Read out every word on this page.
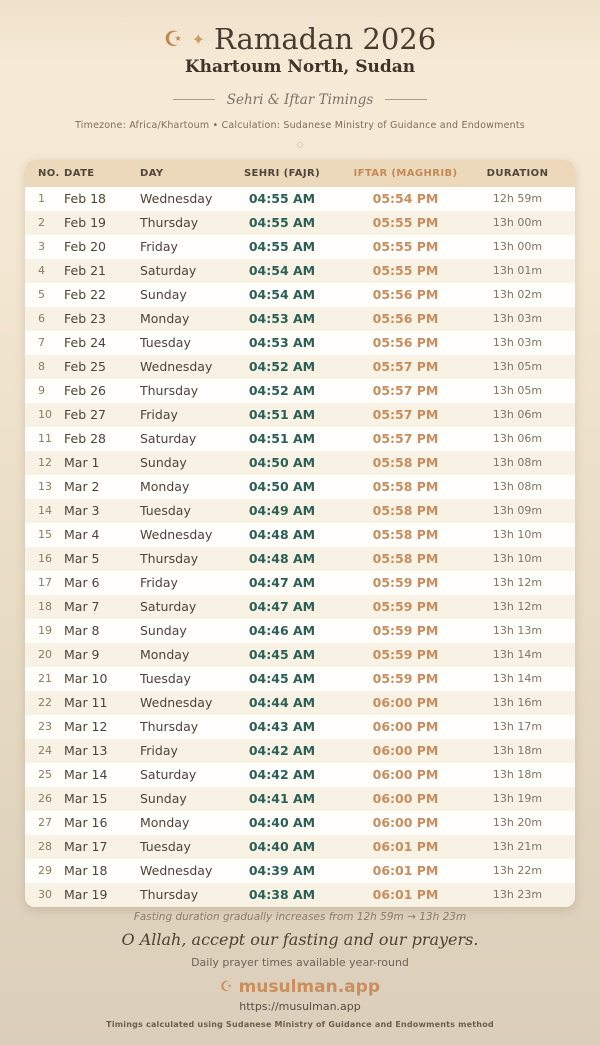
☪ ✦ Ramadan 2026
Khartoum North, Sudan
Sehri & Iftar Timings
Timezone: Africa/Khartoum • Calculation: Sudanese Ministry of Guidance and Endowments
◇
NO. DATE	DAY	SEHRI (FAJR)	IFTAR (MAGHRIB)	DURATION
1	Feb 18	Wednesday	04:55 AM	05:54 PM	12h 59m
2	Feb 19	Thursday	04:55 AM	05:55 PM	13h 00m
3	Feb 20	Friday	04:55 AM	05:55 PM	13h 00m
4	Feb 21	Saturday	04:54 AM	05:55 PM	13h 01m
5	Feb 22	Sunday	04:54 AM	05:56 PM	13h 02m
6	Feb 23	Monday	04:53 AM	05:56 PM	13h 03m
7	Feb 24	Tuesday	04:53 AM	05:56 PM	13h 03m
8	Feb 25	Wednesday	04:52 AM	05:57 PM	13h 05m
9	Feb 26	Thursday	04:52 AM	05:57 PM	13h 05m
10 Feb 27	Friday	04:51 AM	05:57 PM	13h 06m
11 Feb 28	Saturday	04:51 AM	05:57 PM	13h 06m
12 Mar 1	Sunday	04:50 AM	05:58 PM	13h 08m
13 Mar 2	Monday	04:50 AM	05:58 PM	13h 08m
14 Mar 3	Tuesday	04:49 AM	05:58 PM	13h 09m
15 Mar 4	Wednesday	04:48 AM	05:58 PM	13h 10m
16 Mar 5	Thursday	04:48 AM	05:58 PM	13h 10m
17 Mar 6	Friday	04:47 AM	05:59 PM	13h 12m
18 Mar 7	Saturday	04:47 AM	05:59 PM	13h 12m
19 Mar 8	Sunday	04:46 AM	05:59 PM	13h 13m
20 Mar 9	Monday	04:45 AM	05:59 PM	13h 14m
21 Mar 10	Tuesday	04:45 AM	05:59 PM	13h 14m
22 Mar 11	Wednesday	04:44 AM	06:00 PM	13h 16m
23 Mar 12	Thursday	04:43 AM	06:00 PM	13h 17m
24 Mar 13	Friday	04:42 AM	06:00 PM	13h 18m
25 Mar 14	Saturday	04:42 AM	06:00 PM	13h 18m
26 Mar 15	Sunday	04:41 AM	06:00 PM	13h 19m
27 Mar 16	Monday	04:40 AM	06:00 PM	13h 20m
28 Mar 17	Tuesday	04:40 AM	06:01 PM	13h 21m
29 Mar 18	Wednesday	04:39 AM	06:01 PM	13h 22m
30 Mar 19	Thursday	04:38 AM	06:01 PM	13h 23m
Fasting duration gradually increases from 12h 59m → 13h 23m
O Allah, accept our fasting and our prayers.
Daily prayer times available year-round
☪ musulman.app
https://musulman.app
Timings calculated using Sudanese Ministry of Guidance and Endowments method
